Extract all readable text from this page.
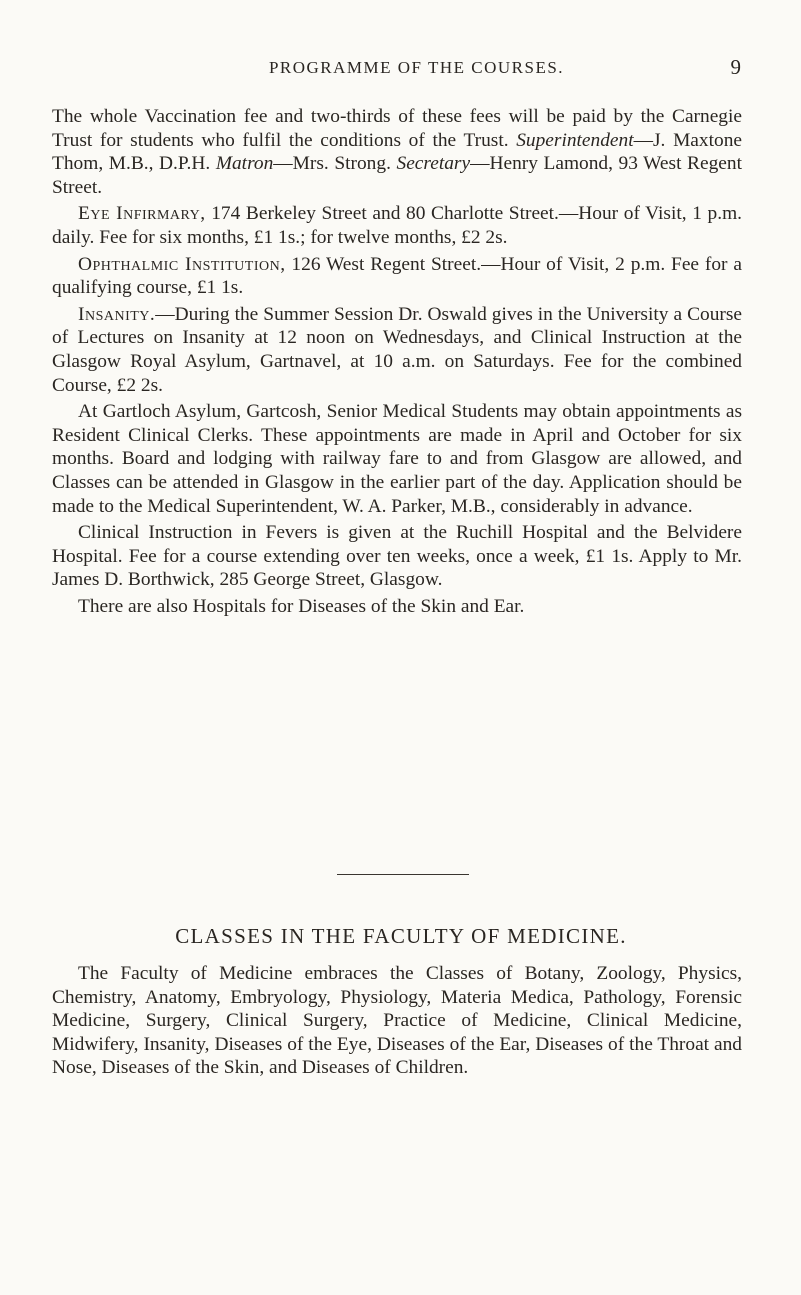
PROGRAMME OF THE COURSES.	9

The whole Vaccination fee and two-thirds of these fees will be paid by the Carnegie Trust for students who fulfil the conditions of the Trust. Superintendent—J. Maxtone Thom, M.B., D.P.H. Matron—Mrs. Strong. Secretary—Henry Lamond, 93 West Regent Street.

Eye Infirmary, 174 Berkeley Street and 80 Charlotte Street.—Hour of Visit, 1 p.m. daily. Fee for six months, £1 1s.; for twelve months, £2 2s.

Ophthalmic Institution, 126 West Regent Street.—Hour of Visit, 2 p.m. Fee for a qualifying course, £1 1s.

Insanity.—During the Summer Session Dr. Oswald gives in the University a Course of Lectures on Insanity at 12 noon on Wednesdays, and Clinical Instruction at the Glasgow Royal Asylum, Gartnavel, at 10 a.m. on Saturdays. Fee for the combined Course, £2 2s.

At Gartloch Asylum, Gartcosh, Senior Medical Students may obtain appointments as Resident Clinical Clerks. These appointments are made in April and October for six months. Board and lodging with railway fare to and from Glasgow are allowed, and Classes can be attended in Glasgow in the earlier part of the day. Application should be made to the Medical Superintendent, W. A. Parker, M.B., considerably in advance.

Clinical Instruction in Fevers is given at the Ruchill Hospital and the Belvidere Hospital. Fee for a course extending over ten weeks, once a week, £1 1s. Apply to Mr. James D. Borthwick, 285 George Street, Glasgow.

There are also Hospitals for Diseases of the Skin and Ear.

CLASSES IN THE FACULTY OF MEDICINE.

The Faculty of Medicine embraces the Classes of Botany, Zoology, Physics, Chemistry, Anatomy, Embryology, Physiology, Materia Medica, Pathology, Forensic Medicine, Surgery, Clinical Surgery, Practice of Medicine, Clinical Medicine, Midwifery, Insanity, Diseases of the Eye, Diseases of the Ear, Diseases of the Throat and Nose, Diseases of the Skin, and Diseases of Children.
